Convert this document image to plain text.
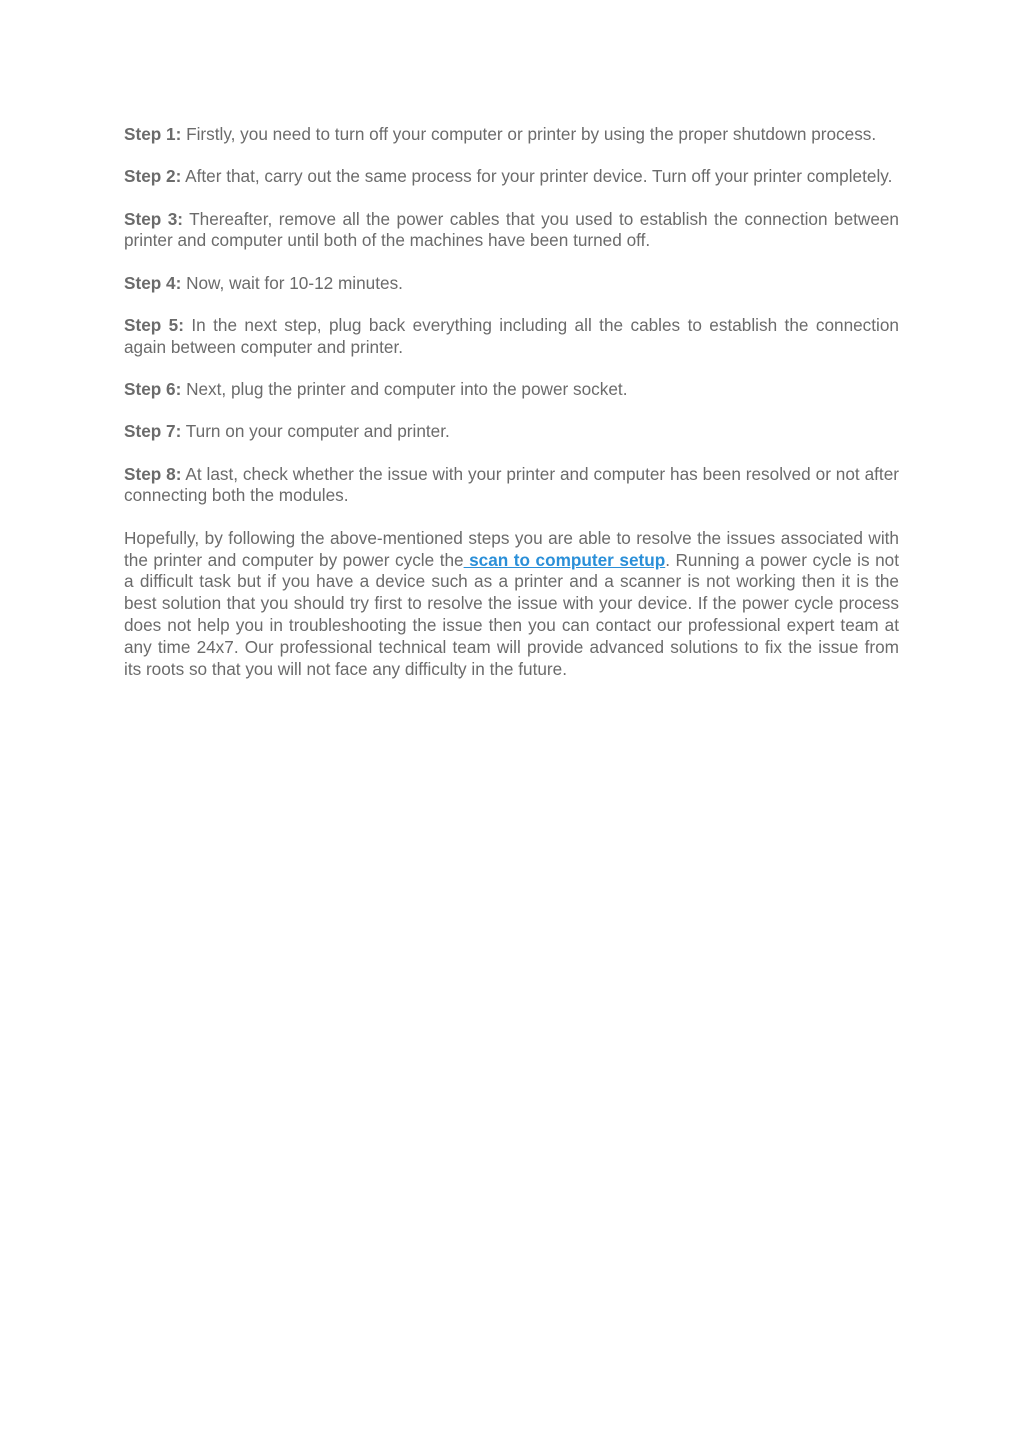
Step 1: Firstly, you need to turn off your computer or printer by using the proper shutdown process.

Step 2: After that, carry out the same process for your printer device. Turn off your printer completely.

Step 3: Thereafter, remove all the power cables that you used to establish the connection between printer and computer until both of the machines have been turned off.

Step 4: Now, wait for 10-12 minutes.

Step 5: In the next step, plug back everything including all the cables to establish the connection again between computer and printer.

Step 6: Next, plug the printer and computer into the power socket.

Step 7: Turn on your computer and printer.

Step 8: At last, check whether the issue with your printer and computer has been resolved or not after connecting both the modules.

Hopefully, by following the above-mentioned steps you are able to resolve the issues associated with the printer and computer by power cycle the scan to computer setup. Running a power cycle is not a difficult task but if you have a device such as a printer and a scanner is not working then it is the best solution that you should try first to resolve the issue with your device. If the power cycle process does not help you in troubleshooting the issue then you can contact our professional expert team at any time 24x7. Our professional technical team will provide advanced solutions to fix the issue from its roots so that you will not face any difficulty in the future.
